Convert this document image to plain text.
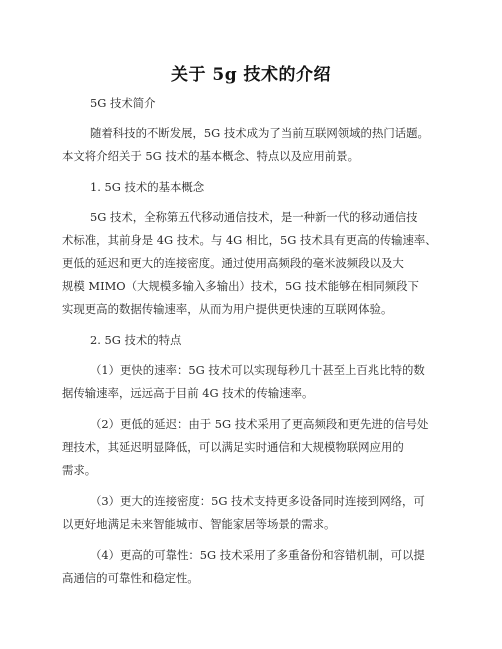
关于 5g 技术的介绍
5G 技术简介
随着科技的不断发展，5G 技术成为了当前互联网领域的热门话题。
本文将介绍关于 5G 技术的基本概念、特点以及应用前景。
1. 5G 技术的基本概念
5G 技术，全称第五代移动通信技术，是一种新一代的移动通信技
术标准，其前身是 4G 技术。与 4G 相比，5G 技术具有更高的传输速率、
更低的延迟和更大的连接密度。通过使用高频段的毫米波频段以及大
规模 MIMO（大规模多输入多输出）技术，5G 技术能够在相同频段下
实现更高的数据传输速率，从而为用户提供更快速的互联网体验。
2. 5G 技术的特点
（1）更快的速率：5G 技术可以实现每秒几十甚至上百兆比特的数
据传输速率，远远高于目前 4G 技术的传输速率。
（2）更低的延迟：由于 5G 技术采用了更高频段和更先进的信号处
理技术，其延迟明显降低，可以满足实时通信和大规模物联网应用的
需求。
（3）更大的连接密度：5G 技术支持更多设备同时连接到网络，可
以更好地满足未来智能城市、智能家居等场景的需求。
（4）更高的可靠性：5G 技术采用了多重备份和容错机制，可以提
高通信的可靠性和稳定性。
